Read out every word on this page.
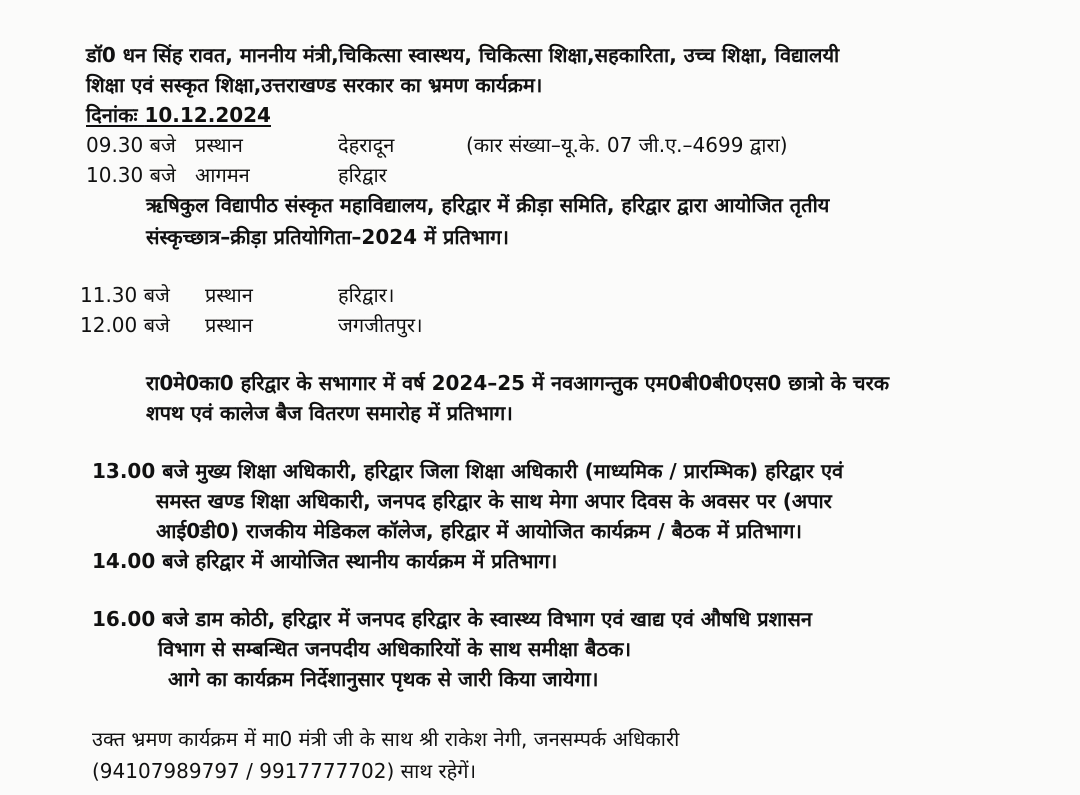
डॉ0 धन सिंह रावत, माननीय मंत्री,चिकित्सा स्वास्थय, चिकित्सा शिक्षा,सहकारिता, उच्च शिक्षा, विद्यालयी
शिक्षा एवं सस्कृत शिक्षा,उत्तराखण्ड सरकार का भ्रमण कार्यक्रम।
दिनांकः 10.12.2024
09.30 बजे प्रस्थान	देहरादून	(कार संख्या–यू.के. 07 जी.ए.–4699 द्वारा)
10.30 बजे आगमन	हरिद्वार
ऋषिकुल विद्यापीठ संस्कृत महाविद्यालय, हरिद्वार में क्रीड़ा समिति, हरिद्वार द्वारा आयोजित तृतीय
संस्कृच्छात्र–क्रीड़ा प्रतियोगिता–2024 में प्रतिभाग।
11.30 बजे प्रस्थान	हरिद्वार।
12.00 बजे प्रस्थान	जगजीतपुर।
रा0मे0का0 हरिद्वार के सभागार में वर्ष 2024–25 में नवआगन्तुक एम0बी0बी0एस0 छात्रो के चरक
शपथ एवं कालेज बैज वितरण समारोह में प्रतिभाग।
13.00 बजे मुख्य शिक्षा अधिकारी, हरिद्वार जिला शिक्षा अधिकारी (माध्यमिक / प्रारम्भिक) हरिद्वार एवं
समस्त खण्ड शिक्षा अधिकारी, जनपद हरिद्वार के साथ मेगा अपार दिवस के अवसर पर (अपार
आई0डी0) राजकीय मेडिकल कॉलेज, हरिद्वार में आयोजित कार्यक्रम / बैठक में प्रतिभाग।
14.00 बजे हरिद्वार में आयोजित स्थानीय कार्यक्रम में प्रतिभाग।
16.00 बजे डाम कोठी, हरिद्वार में जनपद हरिद्वार के स्वास्थ्य विभाग एवं खाद्य एवं औषधि प्रशासन
विभाग से सम्बन्धित जनपदीय अधिकारियों के साथ समीक्षा बैठक।
आगे का कार्यक्रम निर्देशानुसार पृथक से जारी किया जायेगा।
उक्त भ्रमण कार्यक्रम में मा0 मंत्री जी के साथ श्री राकेश नेगी, जनसम्पर्क अधिकारी
(94107989797 / 9917777702) साथ रहेगें।
